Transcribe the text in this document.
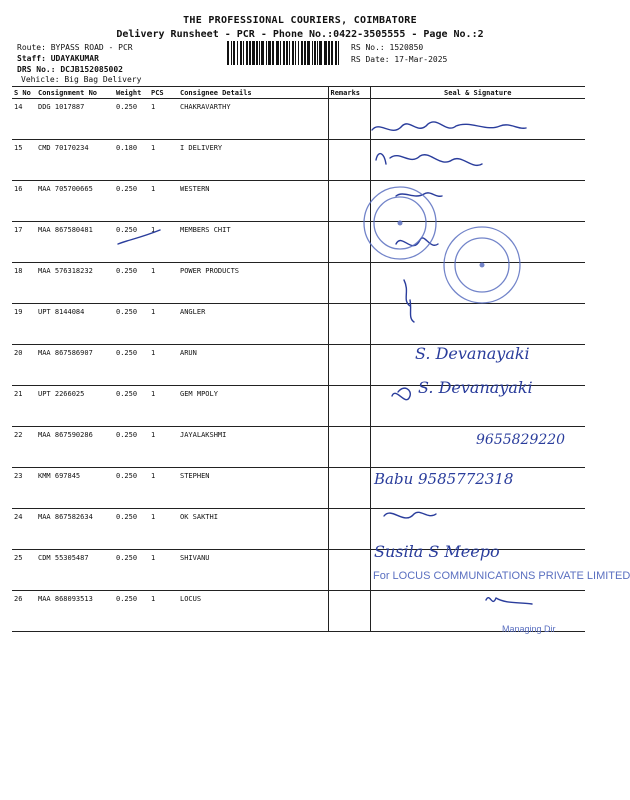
THE PROFESSIONAL COURIERS, COIMBATORE
Delivery Runsheet - PCR - Phone No.:0422-3505555 - Page No.:2
Route: BYPASS ROAD - PCR
Staff: UDAYAKUMAR
DRS No.: DCJB152085002
Vehicle: Big Bag Delivery
RS No.: 1520850
RS Date: 17-Mar-2025
S No	Consignment No	Weight	PCS	Consignee Details	Remarks	Seal & Signature
14	DDG 1017887	0.250	1	CHAKRAVARTHY		
15	CMD 70170234	0.180	1	I DELIVERY		
16	MAA 705700665	0.250	1	WESTERN		
17	MAA 867580481	0.250	1	MEMBERS CHIT		
18	MAA 576318232	0.250	1	POWER PRODUCTS		
19	UPT 8144084	0.250	1	ANGLER		
20	MAA 867586907	0.250	1	ARUN		
21	UPT 2266025	0.250	1	GEM MPOLY		
22	MAA 867590286	0.250	1	JAYALAKSHMI		
23	KMM 697845	0.250	1	STEPHEN		
24	MAA 867582634	0.250	1	OK SAKTHI		
25	CDM 55305487	0.250	1	SHIVANU		
26	MAA 868093513	0.250	1	LOCUS		
S. Devanayaki
S. Devanayaki
9655829220
Babu 9585772318
Susila S Meepo
For LOCUS COMMUNICATIONS PRIVATE LIMITED
Managing Dir
